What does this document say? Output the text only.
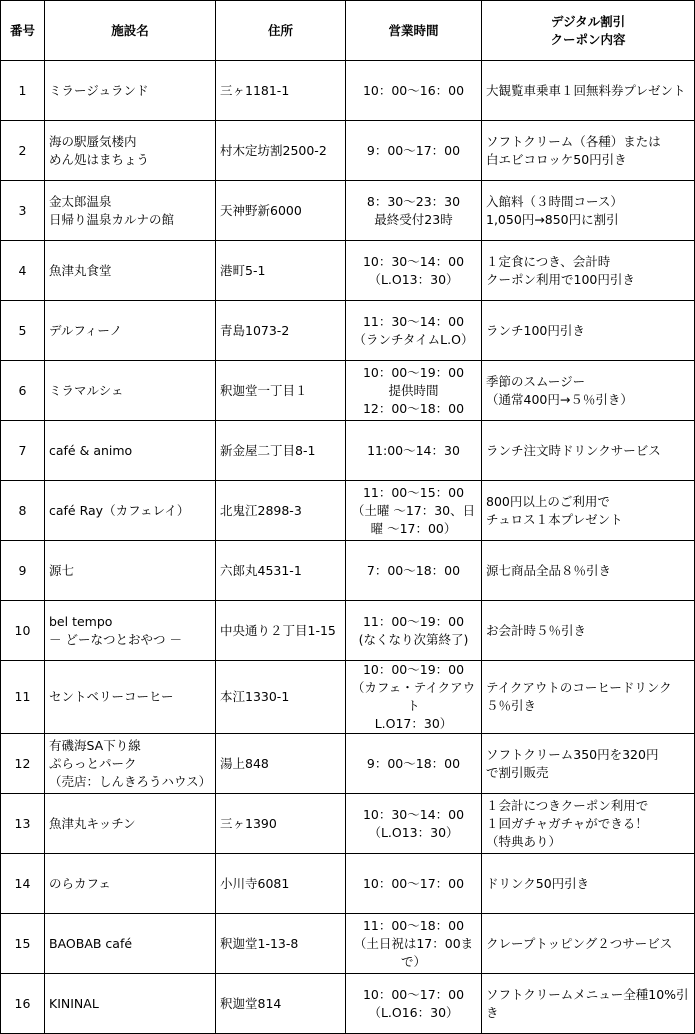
番号	施設名	住所	営業時間	デジタル割引
クーポン内容

1	ミラージュランド	三ヶ1181-1	10：00～16：00	大観覧車乗車１回無料券プレゼント
2	海の駅蜃気楼内
めん処はまちょう	村木定坊割2500-2	9：00～17：00	ソフトクリーム（各種）または
白エビコロッケ50円引き
3	金太郎温泉
日帰り温泉カルナの館	天神野新6000	8：30～23：30
最終受付23時	入館料（３時間コース）
1,050円→850円に割引
4	魚津丸食堂	港町5-1	10：30～14：00
（L.O13：30）	１定食につき、会計時
クーポン利用で100円引き
5	デルフィーノ	青島1073-2	11：30～14：00
（ランチタイムL.O）	ランチ100円引き
6	ミラマルシェ	釈迦堂一丁目１	10：00～19：00
提供時間
12：00～18：00	季節のスムージー
（通常400円→５％引き）
7	café & animo	新金屋二丁目8-1	11:00～14：30	ランチ注文時ドリンクサービス
8	café Ray（カフェレイ）	北鬼江2898-3	11：00～15：00
（土曜 ～17：30、日曜 ～17：00）	800円以上のご利用で
チュロス１本プレゼント
9	源七	六郎丸4531-1	7：00～18：00	源七商品全品８％引き
10	bel tempo
－ どーなつとおやつ －	中央通り２丁目1-15	11：00～19：00
(なくなり次第終了)	お会計時５％引き
11	セントベリーコーヒー	本江1330-1	10：00～19：00
（カフェ・テイクアウト
L.O17：30）	テイクアウトのコーヒードリンク
５％引き
12	有磯海SA下り線
ぷらっとパーク
（売店：しんきろうハウス）	湯上848	9：00～18：00	ソフトクリーム350円を320円
で割引販売
13	魚津丸キッチン	三ヶ1390	10：30～14：00
（L.O13：30）	１会計につきクーポン利用で
１回ガチャガチャができる！
（特典あり）
14	のらカフェ	小川寺6081	10：00～17：00	ドリンク50円引き
15	BAOBAB café	釈迦堂1-13-8	11：00～18：00
（土日祝は17：00まで）	クレープトッピング２つサービス
16	KININAL	釈迦堂814	10：00～17：00
（L.O16：30）	ソフトクリームメニュー全種10%引き
